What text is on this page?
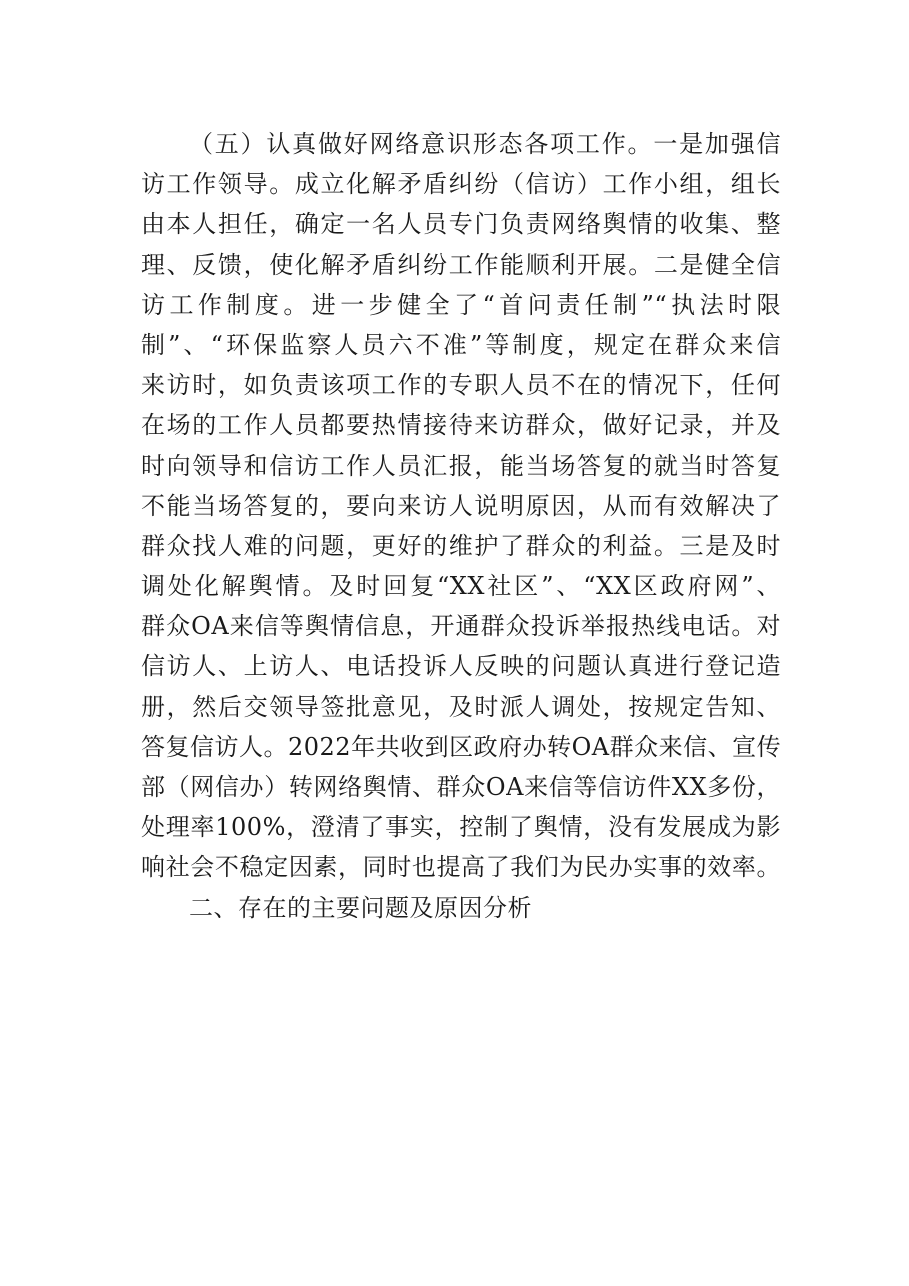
（五）认真做好网络意识形态各项工作。一是加强信
访工作领导。成立化解矛盾纠纷（信访）工作小组，组长
由本人担任，确定一名人员专门负责网络舆情的收集、整
理、反馈，使化解矛盾纠纷工作能顺利开展。二是健全信
访工作制度。进一步健全了“首问责任制”“执法时限
制”、“环保监察人员六不准”等制度，规定在群众来信
来访时，如负责该项工作的专职人员不在的情况下，任何
在场的工作人员都要热情接待来访群众，做好记录，并及
时向领导和信访工作人员汇报，能当场答复的就当时答复
不能当场答复的，要向来访人说明原因，从而有效解决了
群众找人难的问题，更好的维护了群众的利益。三是及时
调处化解舆情。及时回复“XX社区”、“XX区政府网”、
群众OA来信等舆情信息，开通群众投诉举报热线电话。对
信访人、上访人、电话投诉人反映的问题认真进行登记造
册，然后交领导签批意见，及时派人调处，按规定告知、
答复信访人。2022年共收到区政府办转OA群众来信、宣传
部（网信办）转网络舆情、群众OA来信等信访件XX多份，
处理率100%，澄清了事实，控制了舆情，没有发展成为影
响社会不稳定因素，同时也提高了我们为民办实事的效率。
二、存在的主要问题及原因分析
